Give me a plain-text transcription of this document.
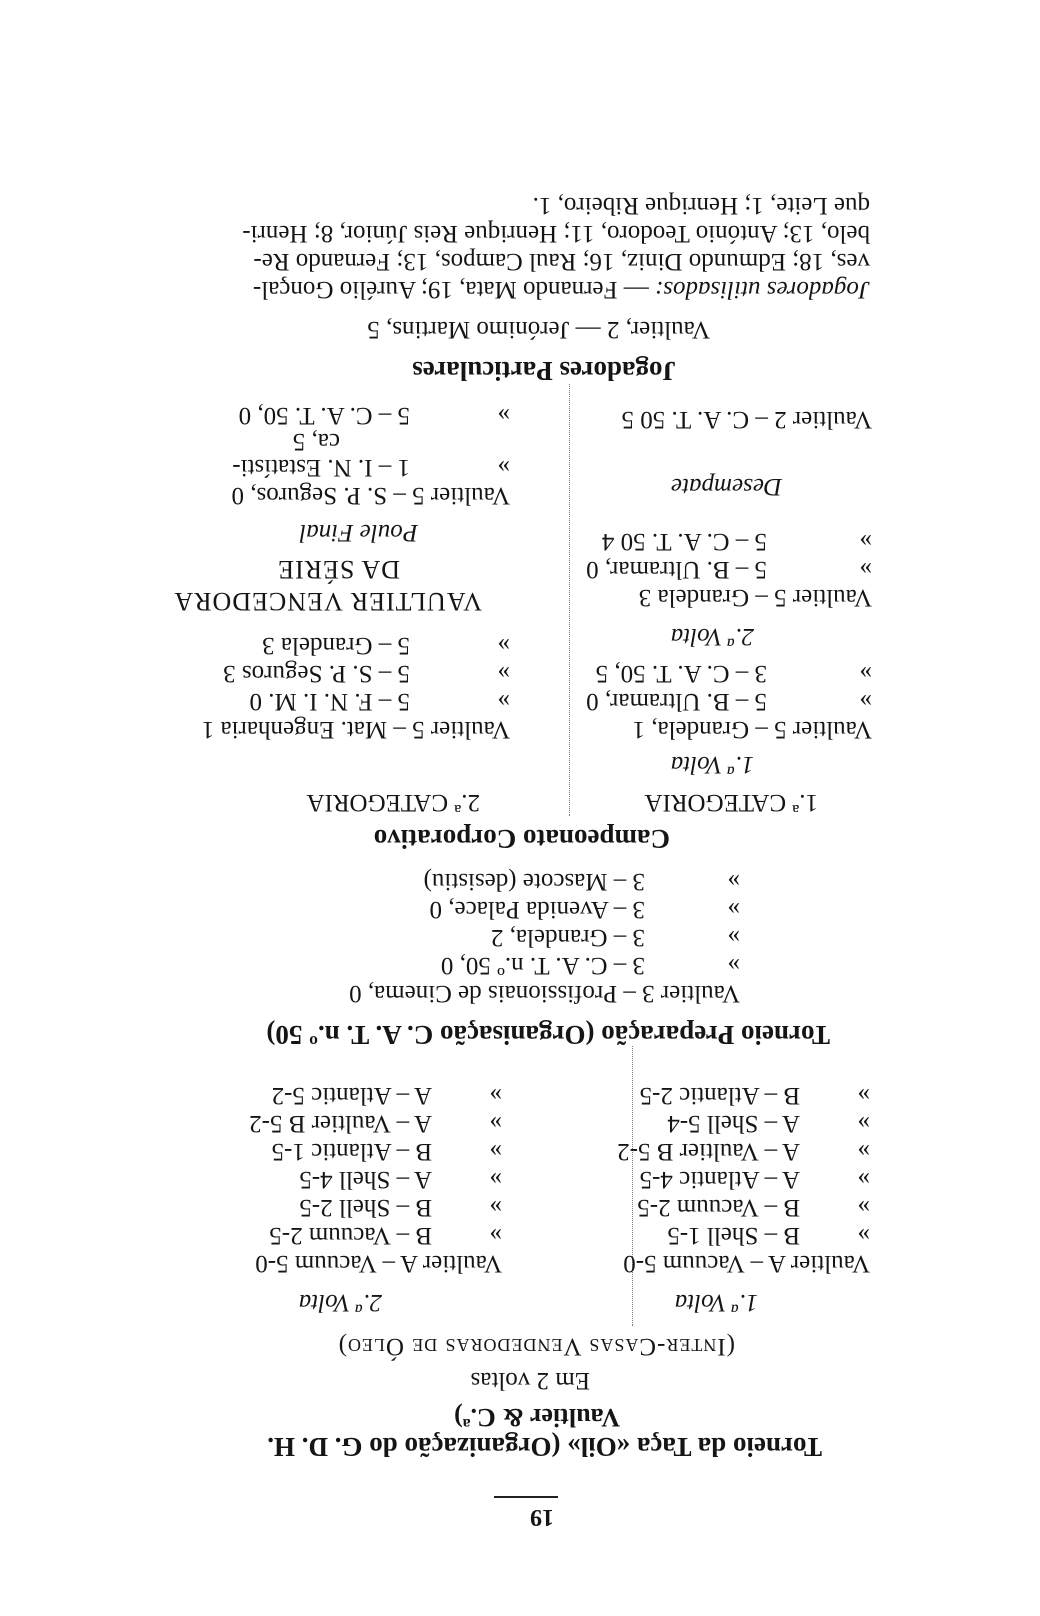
19
Torneio da Taça «Oil» (Organização do G. D. H.
Vaultier & C.ª)
Em 2 voltas
(Inter-Casas Vendedoras de Óleo)
1.ª Volta
2.ª Volta
Vaultier A – Vacuum 5-0
»B – Shell 1-5
»B – Vacuum 2-5
»A – Atlantic 4-5
»A – Vaultier B 5-2
»A – Shell 5-4
»B – Atlantic 2-5
Vaultier A – Vacuum 5-0
»B – Vacuum 2-5
»B – Shell 2-5
»A – Shell 4-5
»B – Atlantic 1-5
»A – Vaultier B 5-2
»A – Atlantic 5-2
Torneio Preparação (Organisação C. A. T. n.º 50)
Vaultier 3 – Profissionais de Cinema, 0
»3 – C. A. T. n.º 50, 0
»3 – Grandela, 2
»3 – Avenida Palace, 0
»3 – Mascote (desistiu)
Campeonato Corporativo
1.ª CATEGORIA
2.ª CATEGORIA
1.ª Volta
Vaultier 5 – Grandela, 1
»5 – B. Ultramar, 0
»3 – C. A. T. 50, 5
2.ª Volta
Vaultier 5 – Grandela 3
»5 – B. Ultramar, 0
»5 – C. A. T. 50 4
Desempate
Vaultier 2 – C. A. T. 50 5
Vaultier 5 – Mat. Engenharia 1
»5 – F. N. I. M. 0
»5 – S. P. Seguros 3
»5 – Grandela 3
VAULTIER VENCEDORA
DA SÉRIE
Poule Final
Vaultier 5 – S. P. Seguros, 0
»1 – I. N. Estatísti-
ca, 5
»5 – C. A. T. 50, 0
Jogadores Particulares
Vaultier, 2 — Jerónimo Martins, 5
Jogadores utilisados: — Fernando Mata, 19; Aurélio Gonçal-
ves, 18; Edmundo Diniz, 16; Raul Campos, 13; Fernando Re-
belo, 13; António Teodoro, 11; Henrique Reis Júnior, 8; Henri-
que Leite, 1; Henrique Ribeiro, 1.
